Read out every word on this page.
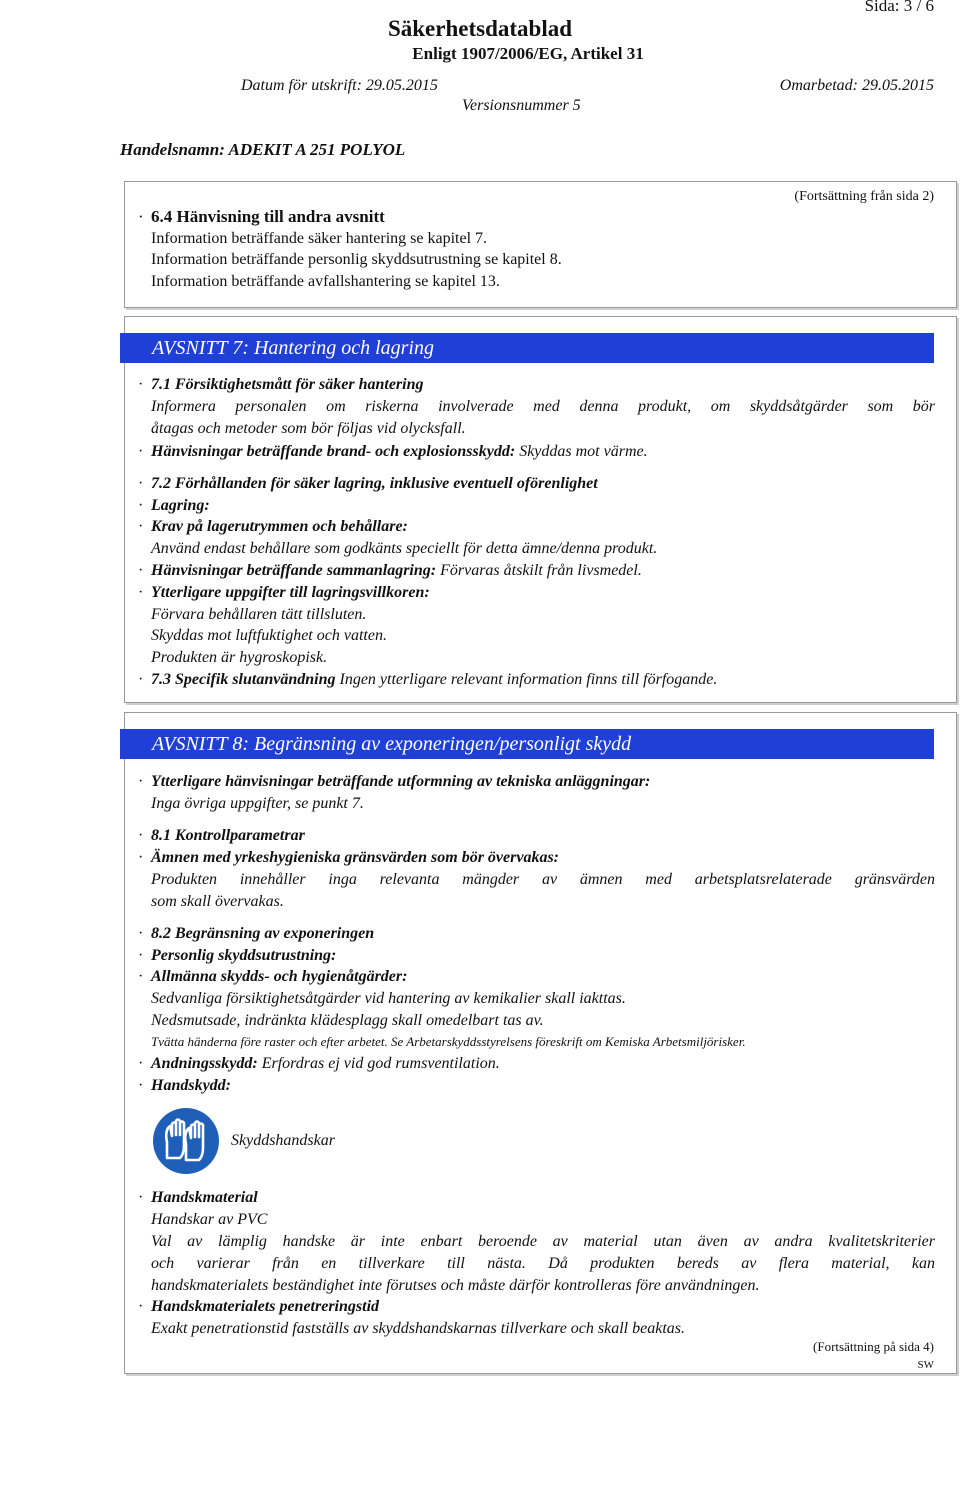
Sida: 3 / 6
Säkerhetsdatablad
Enligt 1907/2006/EG, Artikel 31
Datum för utskrift: 29.05.2015	Omarbetad: 29.05.2015
Versionsnummer 5
Handelsnamn: ADEKIT A 251 POLYOL
(Fortsättning från sida 2)
· 6.4 Hänvisning till andra avsnitt
Information beträffande säker hantering se kapitel 7.
Information beträffande personlig skyddsutrustning se kapitel 8.
Information beträffande avfallshantering se kapitel 13.
AVSNITT 7: Hantering och lagring
· 7.1 Försiktighetsmått för säker hantering
Informera personalen om riskerna involverade med denna produkt, om skyddsåtgärder som bör
åtagas och metoder som bör följas vid olycksfall.
· Hänvisningar beträffande brand- och explosionsskydd: Skyddas mot värme.
· 7.2 Förhållanden för säker lagring, inklusive eventuell oförenlighet
· Lagring:
· Krav på lagerutrymmen och behållare:
Använd endast behållare som godkänts speciellt för detta ämne/denna produkt.
· Hänvisningar beträffande sammanlagring: Förvaras åtskilt från livsmedel.
· Ytterligare uppgifter till lagringsvillkoren:
Förvara behållaren tätt tillsluten.
Skyddas mot luftfuktighet och vatten.
Produkten är hygroskopisk.
· 7.3 Specifik slutanvändning Ingen ytterligare relevant information finns till förfogande.
AVSNITT 8: Begränsning av exponeringen/personligt skydd
· Ytterligare hänvisningar beträffande utformning av tekniska anläggningar:
Inga övriga uppgifter, se punkt 7.
· 8.1 Kontrollparametrar
· Ämnen med yrkeshygieniska gränsvärden som bör övervakas:
Produkten innehåller inga relevanta mängder av ämnen med arbetsplatsrelaterade gränsvärden
som skall övervakas.
· 8.2 Begränsning av exponeringen
· Personlig skyddsutrustning:
· Allmänna skydds- och hygienåtgärder:
Sedvanliga försiktighetsåtgärder vid hantering av kemikalier skall iakttas.
Nedsmutsade, indränkta klädesplagg skall omedelbart tas av.
Tvätta händerna före raster och efter arbetet. Se Arbetarskyddsstyrelsens föreskrift om Kemiska Arbetsmiljörisker.
· Andningsskydd: Erfordras ej vid god rumsventilation.
· Handskydd:
Skyddshandskar
· Handskmaterial
Handskar av PVC
Val av lämplig handske är inte enbart beroende av material utan även av andra kvalitetskriterier
och varierar från en tillverkare till nästa. Då produkten bereds av flera material, kan
handskmaterialets beständighet inte förutses och måste därför kontrolleras före användningen.
· Handskmaterialets penetreringstid
Exakt penetrationstid fastställs av skyddshandskarnas tillverkare och skall beaktas.
(Fortsättning på sida 4)
SW
